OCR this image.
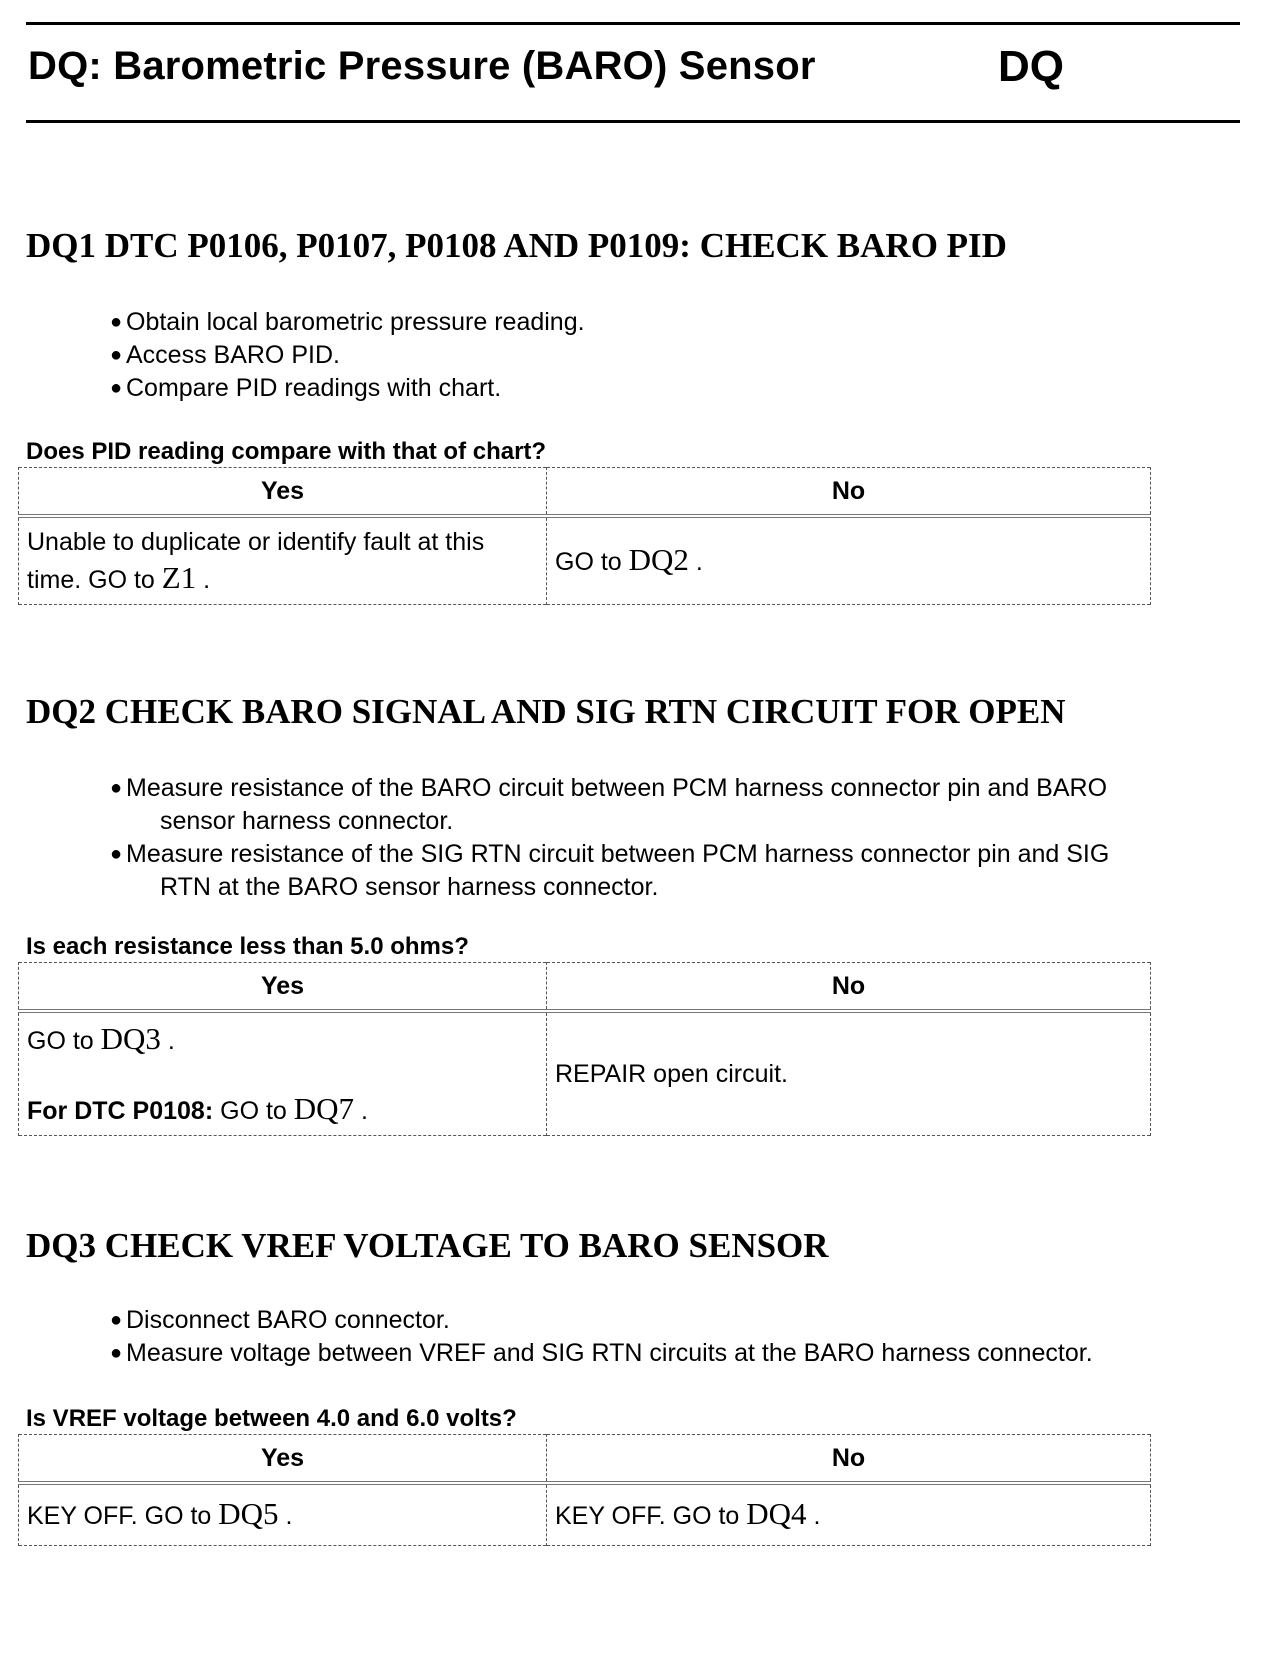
DQ: Barometric Pressure (BARO) Sensor	DQ
DQ1 DTC P0106, P0107, P0108 AND P0109: CHECK BARO PID
● Obtain local barometric pressure reading.
● Access BARO PID.
● Compare PID readings with chart.
Does PID reading compare with that of chart?
Yes	No
Unable to duplicate or identify fault at this
time. GO to Z1 .	GO to DQ2 .
DQ2 CHECK BARO SIGNAL AND SIG RTN CIRCUIT FOR OPEN
● Measure resistance of the BARO circuit between PCM harness connector pin and BARO
sensor harness connector.
● Measure resistance of the SIG RTN circuit between PCM harness connector pin and SIG
RTN at the BARO sensor harness connector.
Is each resistance less than 5.0 ohms?
Yes	No

GO to DQ3 .
For DTC P0108: GO to DQ7 .	REPAIR open circuit.
DQ3 CHECK VREF VOLTAGE TO BARO SENSOR
● Disconnect BARO connector.
● Measure voltage between VREF and SIG RTN circuits at the BARO harness connector.
Is VREF voltage between 4.0 and 6.0 volts?
Yes	No
KEY OFF. GO to DQ5 .	KEY OFF. GO to DQ4 .
